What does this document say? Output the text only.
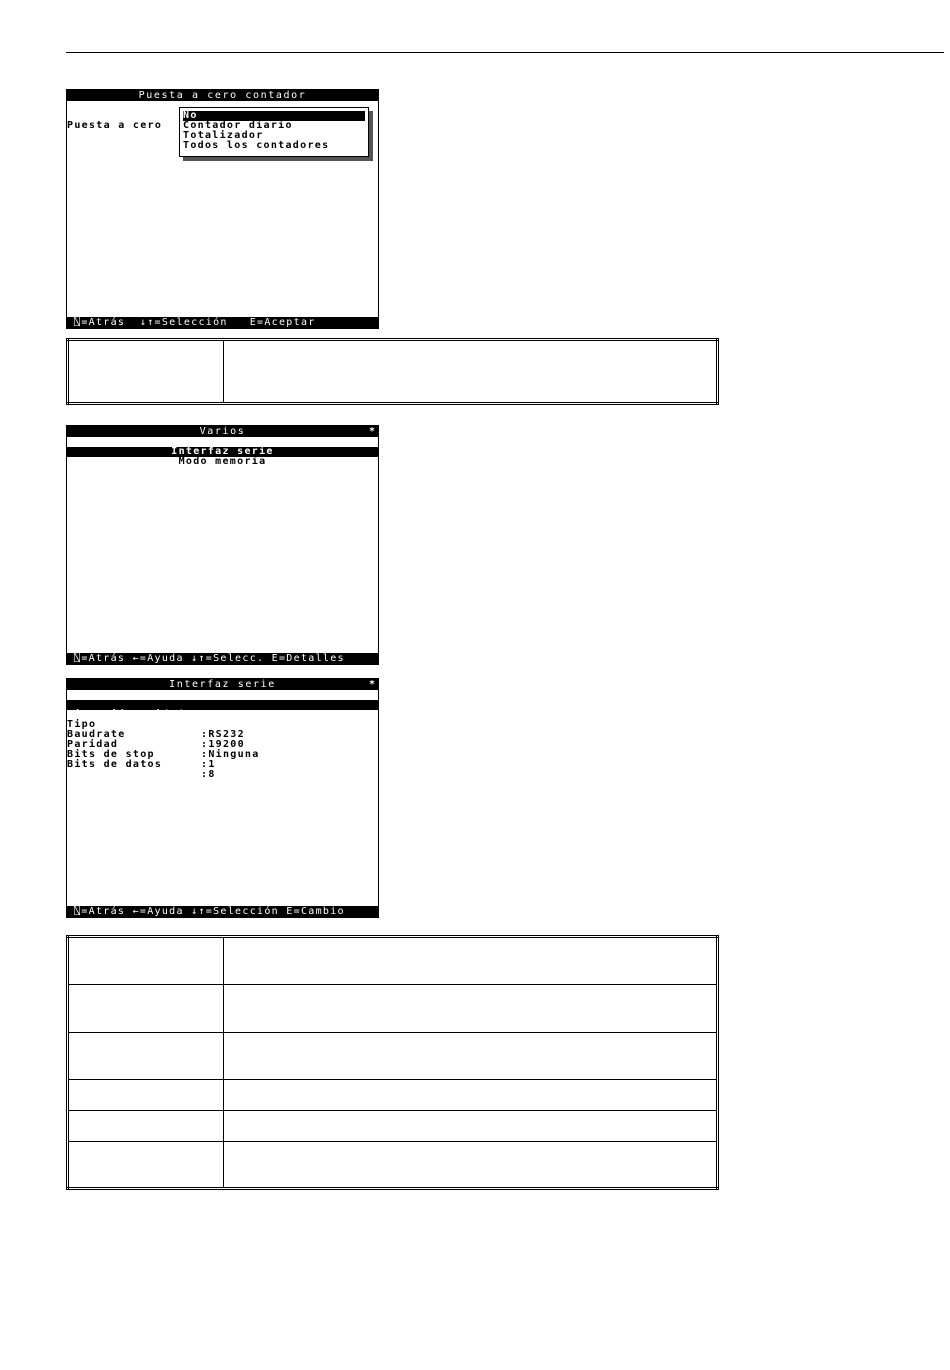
Puesta a cero contador

Puesta a cero

No
Contador diario
Totalizador
Todos los contadores
⍂=Atrás  ↓↑=Selección   E=Aceptar

Varios	*
Interfaz serie
Modo memoria
⍂=Atrás ←=Ayuda ↓↑=Selecc. E=Detalles
Interfaz serie	*

Dirección unidad

:01

Tipo

:RS232

Baudrate

:19200

Paridad

:Ninguna

Bits de stop

:1

Bits de datos

:8

⍂=Atrás ←=Ayuda ↓↑=Selección E=Cambio
